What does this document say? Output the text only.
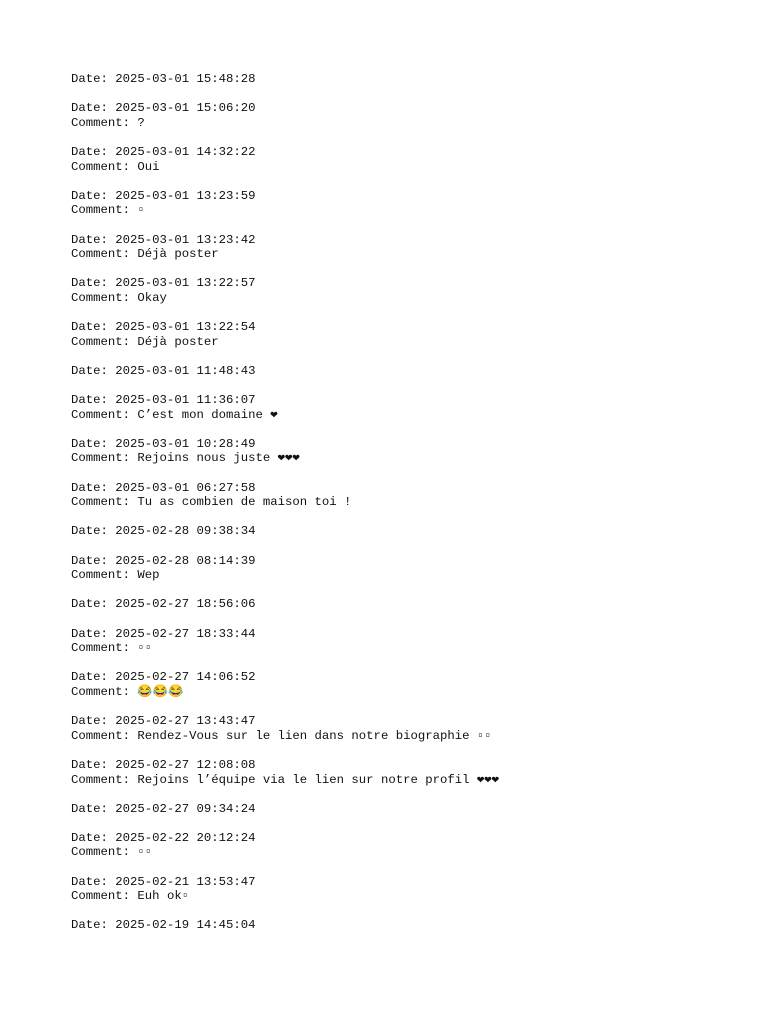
Date: 2025-03-01 15:48:28
Date: 2025-03-01 15:06:20
Comment: ?
Date: 2025-03-01 14:32:22
Comment: Oui
Date: 2025-03-01 13:23:59
Comment: ▫
Date: 2025-03-01 13:23:42
Comment: Déjà poster
Date: 2025-03-01 13:22:57
Comment: Okay
Date: 2025-03-01 13:22:54
Comment: Déjà poster
Date: 2025-03-01 11:48:43
Date: 2025-03-01 11:36:07
Comment: C’est mon domaine ❤
Date: 2025-03-01 10:28:49
Comment: Rejoins nous juste ❤❤❤
Date: 2025-03-01 06:27:58
Comment: Tu as combien de maison toi !
Date: 2025-02-28 09:38:34
Date: 2025-02-28 08:14:39
Comment: Wep
Date: 2025-02-27 18:56:06
Date: 2025-02-27 18:33:44
Comment: ▫▫
Date: 2025-02-27 14:06:52
Comment: 😂😂😂
Date: 2025-02-27 13:43:47
Comment: Rendez-Vous sur le lien dans notre biographie ▫▫
Date: 2025-02-27 12:08:08
Comment: Rejoins l’équipe via le lien sur notre profil ❤❤❤
Date: 2025-02-27 09:34:24
Date: 2025-02-22 20:12:24
Comment: ▫▫
Date: 2025-02-21 13:53:47
Comment: Euh ok▫
Date: 2025-02-19 14:45:04
